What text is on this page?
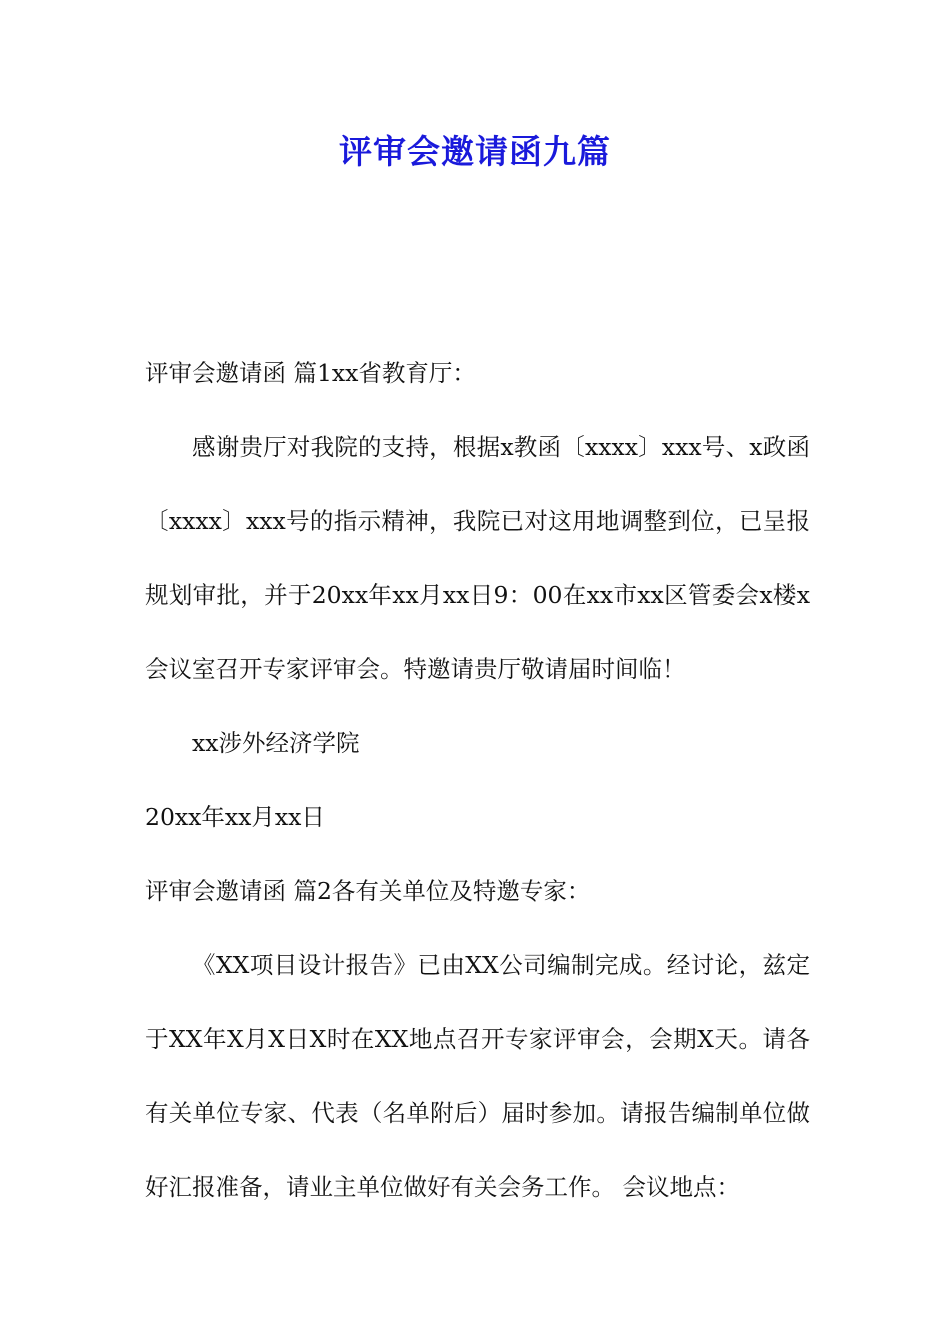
评审会邀请函九篇

评审会邀请函 篇1xx省教育厅：

感谢贵厅对我院的支持，根据x教函〔xxxx〕xxx号、x政函〔xxxx〕xxx号的指示精神，我院已对这用地调整到位，已呈报规划审批，并于20xx年xx月xx日9：00在xx市xx区管委会x楼x会议室召开专家评审会。特邀请贵厅敬请届时间临！

xx涉外经济学院

20xx年xx月xx日

评审会邀请函 篇2各有关单位及特邀专家：

《XX项目设计报告》已由XX公司编制完成。经讨论，兹定于XX年X月X日X时在XX地点召开专家评审会，会期X天。请各有关单位专家、代表（名单附后）届时参加。请报告编制单位做好汇报准备，请业主单位做好有关会务工作。 会议地点：
